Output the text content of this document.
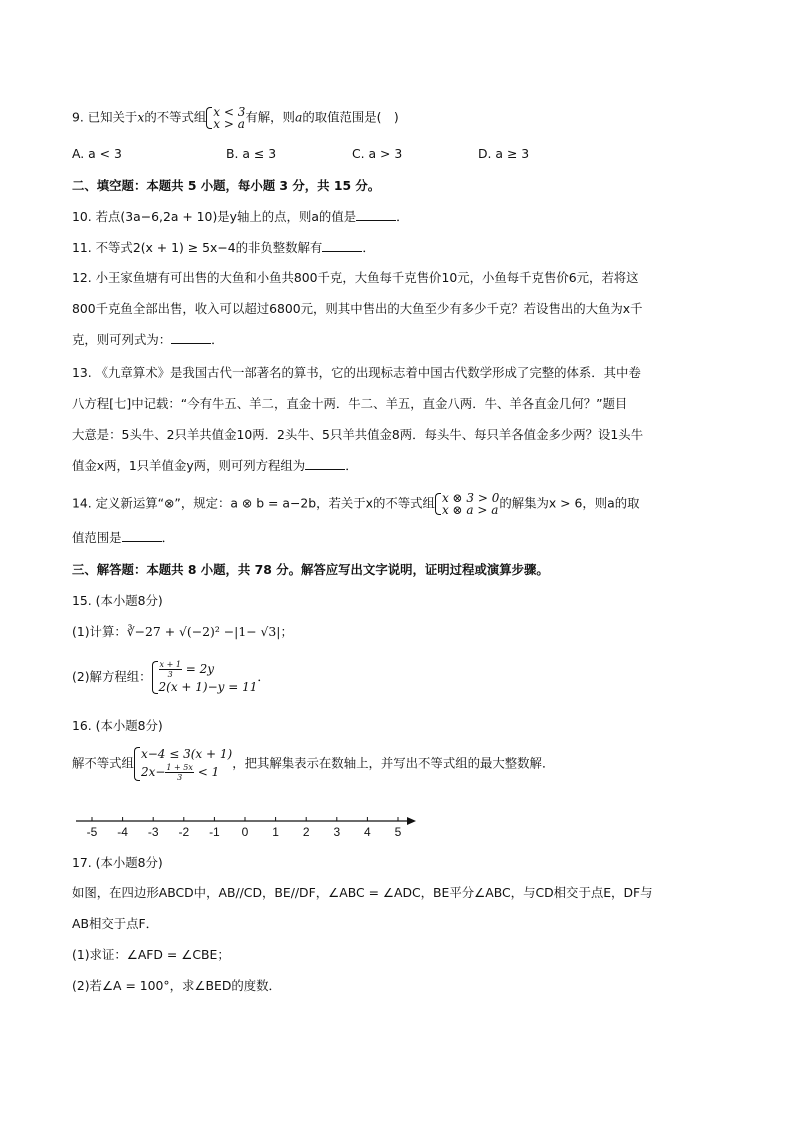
9. 已知关于x的不等式组 x < 3
x > a 有解，则a的取值范围是(　)
A. a < 3	B. a ≤ 3	C. a > 3	D. a ≥ 3
二、填空题：本题共 5 小题，每小题 3 分，共 15 分。
10. 若点(3a−6,2a + 10)是y轴上的点，则a的值是	．
11. 不等式2(x + 1) ≥ 5x−4的非负整数解有	．
12. 小王家鱼塘有可出售的大鱼和小鱼共800千克，大鱼每千克售价10元，小鱼每千克售价6元，若将这
800千克鱼全部出售，收入可以超过6800元，则其中售出的大鱼至少有多少千克？若设售出的大鱼为x千
克，则可列式为：	．
13. 《九章算术》是我国古代一部著名的算书，它的出现标志着中国古代数学形成了完整的体系．其中卷
八方程[七]中记载：“今有牛五、羊二，直金十两．牛二、羊五，直金八两．牛、羊各直金几何？”题目
大意是：5头牛、2只羊共值金10两．2头牛、5只羊共值金8两．每头牛、每只羊各值金多少两？设1头牛
值金x两，1只羊值金y两，则可列方程组为	．
14. 定义新运算“⊗”，规定：a ⊗ b = a−2b，若关于x的不等式组 x ⊗ 3 > 0
x ⊗ a > a 的解集为x > 6，则a的取
值范围是	．
三、解答题：本题共 8 小题，共 78 分。解答应写出文字说明，证明过程或演算步骤。
15. (本小题8分)
(1)计算：∛−27 + √(−2)² −|1− √3|；
(2)解方程组： $\frac{x + 1}{3} = 2y$
2(x + 1)−y = 11
．
16. (本小题8分)
解不等式组
x−4 ≤ 3(x + 1)
$2x- \frac{1 + 5x}{3} < 1$
，把其解集表示在数轴上，并写出不等式组的最大整数解．
-5 -4 -3 -2 -1 0 1 2 3 4 5
17. (本小题8分)
如图，在四边形ABCD中，AB//CD，BE//DF，∠ABC = ∠ADC，BE平分∠ABC，与CD相交于点E，DF与
AB相交于点F．
(1)求证：∠AFD = ∠CBE；
(2)若∠A = 100°，求∠BED的度数．
